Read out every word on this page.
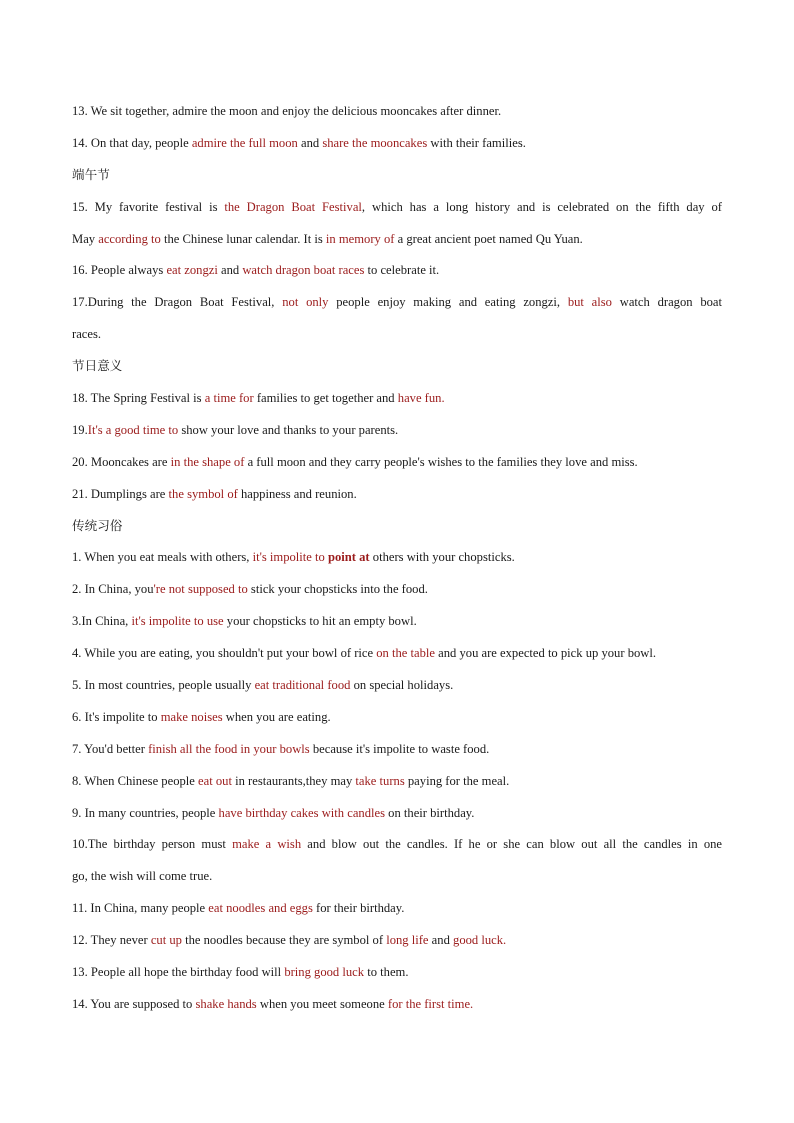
13. We sit together, admire the moon and enjoy the delicious mooncakes after dinner.
14. On that day, people admire the full moon and share the mooncakes with their families.
端午节
15. My favorite festival is the Dragon Boat Festival, which has a long history and is celebrated on the fifth day of
May according to the Chinese lunar calendar. It is in memory of a great ancient poet named Qu Yuan.
16. People always eat zongzi and watch dragon boat races to celebrate it.
17.During the Dragon Boat Festival, not only people enjoy making and eating zongzi, but also watch dragon boat
races.
节日意义
18. The Spring Festival is a time for families to get together and have fun.
19.It's a good time to show your love and thanks to your parents.
20. Mooncakes are in the shape of a full moon and they carry people's wishes to the families they love and miss.
21. Dumplings are the symbol of happiness and reunion.
传统习俗
1. When you eat meals with others, it's impolite to point at others with your chopsticks.
2. In China, you're not supposed to stick your chopsticks into the food.
3.In China, it's impolite to use your chopsticks to hit an empty bowl.
4. While you are eating, you shouldn't put your bowl of rice on the table and you are expected to pick up your bowl.
5. In most countries, people usually eat traditional food on special holidays.
6. It's impolite to make noises when you are eating.
7. You'd better finish all the food in your bowls because it's impolite to waste food.
8. When Chinese people eat out in restaurants,they may take turns paying for the meal.
9. In many countries, people have birthday cakes with candles on their birthday.
10.The birthday person must make a wish and blow out the candles. If he or she can blow out all the candles in one
go, the wish will come true.
11. In China, many people eat noodles and eggs for their birthday.
12. They never cut up the noodles because they are symbol of long life and good luck.
13. People all hope the birthday food will bring good luck to them.
14. You are supposed to shake hands when you meet someone for the first time.
